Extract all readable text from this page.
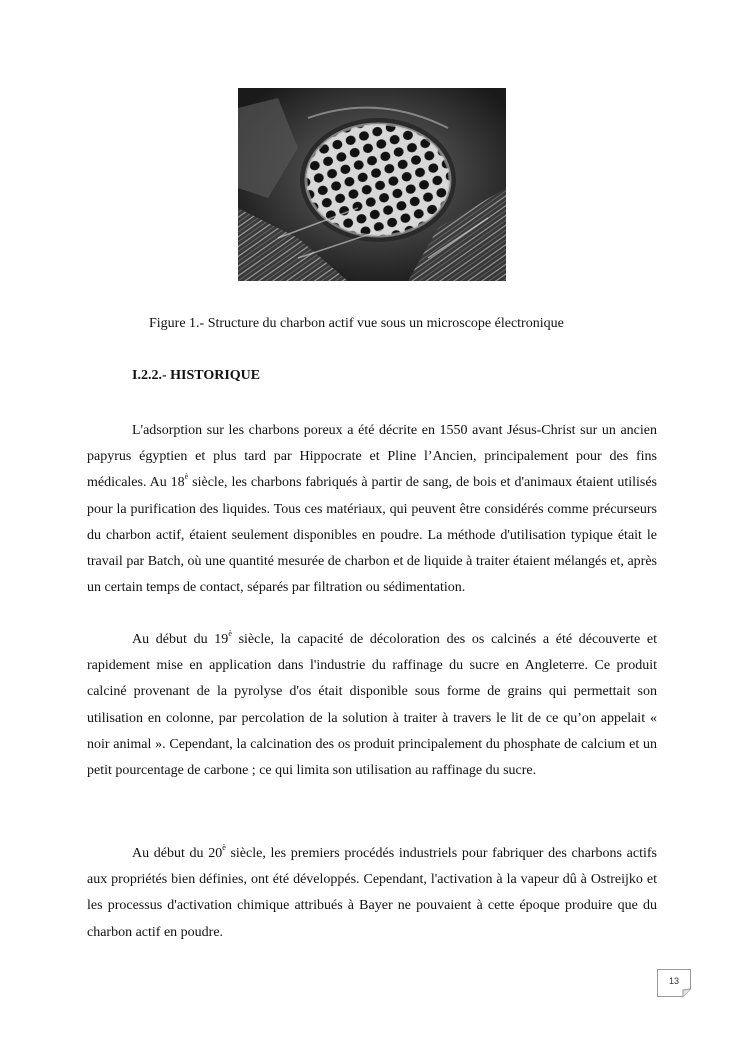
Figure 1.- Structure du charbon actif vue sous un microscope électronique
I.2.2.- HISTORIQUE

L'adsorption sur les charbons poreux a été décrite en 1550 avant Jésus-Christ sur un ancien papyrus égyptien et plus tard par Hippocrate et Pline l’Ancien, principalement pour des fins médicales. Au $18^è$ siècle, les charbons fabriqués à partir de sang, de bois et d'animaux étaient utilisés pour la purification des liquides. Tous ces matériaux, qui peuvent être considérés comme précurseurs du charbon actif, étaient seulement disponibles en poudre. La méthode d'utilisation typique était le travail par Batch, où une quantité mesurée de charbon et de liquide à traiter étaient mélangés et, après un certain temps de contact, séparés par filtration ou sédimentation.

Au début du $19^è$ siècle, la capacité de décoloration des os calcinés a été découverte et rapidement mise en application dans l'industrie du raffinage du sucre en Angleterre. Ce produit calciné provenant de la pyrolyse d'os était disponible sous forme de grains qui permettait son utilisation en colonne, par percolation de la solution à traiter à travers le lit de ce qu’on appelait « noir animal ». Cependant, la calcination des os produit principalement du phosphate de calcium et un petit pourcentage de carbone ; ce qui limita son utilisation au raffinage du sucre.

Au début du $20^è$ siècle, les premiers procédés industriels pour fabriquer des charbons actifs aux propriétés bien définies, ont été développés. Cependant, l'activation à la vapeur dû à Ostreijko et les processus d'activation chimique attribués à Bayer ne pouvaient à cette époque produire que du charbon actif en poudre.

13
